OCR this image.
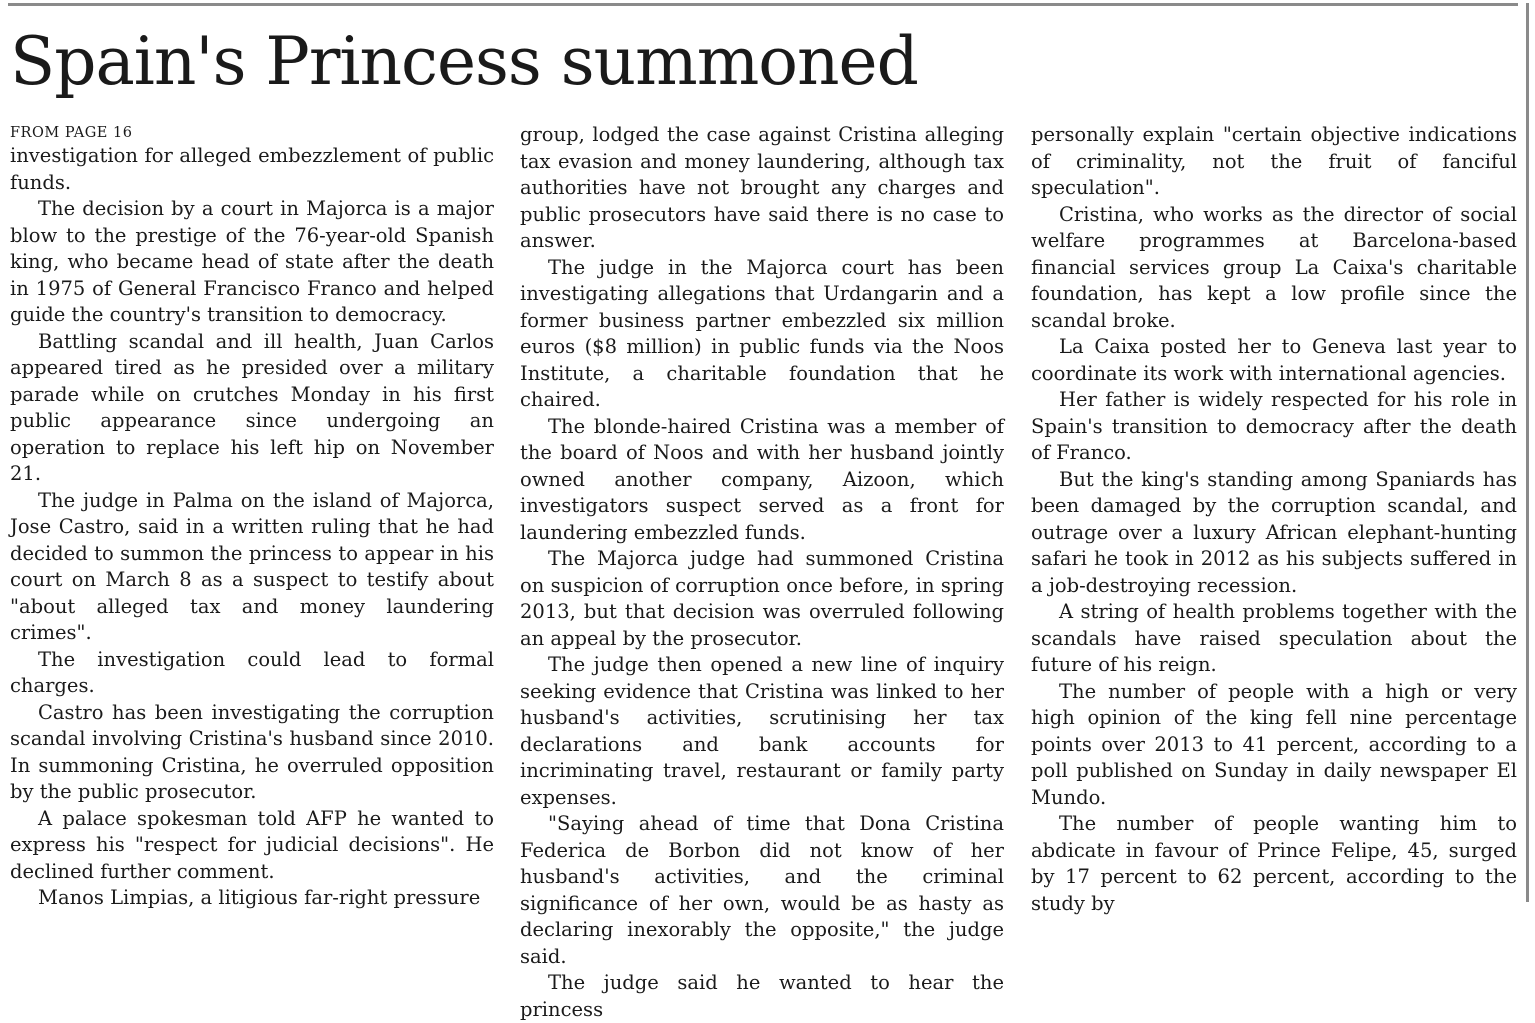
Spain's Princess summoned
FROM PAGE 16

investigation for alleged embezzlement of public funds.

The decision by a court in Majorca is a major blow to the prestige of the 76-year-old Spanish king, who became head of state after the death in 1975 of General Francisco Franco and helped guide the country's transition to democracy.

Battling scandal and ill health, Juan Carlos appeared tired as he presided over a military parade while on crutches Monday in his first public appearance since undergoing an operation to replace his left hip on November 21.

The judge in Palma on the island of Majorca, Jose Castro, said in a written ruling that he had decided to summon the princess to appear in his court on March 8 as a suspect to testify about "about alleged tax and money laundering crimes".

The investigation could lead to formal charges.

Castro has been investigating the corruption scandal involving Cristina's husband since 2010. In summoning Cristina, he overruled opposition by the public prosecutor.

A palace spokesman told AFP he wanted to express his "respect for judicial decisions". He declined further comment.

Manos Limpias, a litigious far-right pressure

group, lodged the case against Cristina alleging tax evasion and money laundering, although tax authorities have not brought any charges and public prosecutors have said there is no case to answer.

The judge in the Majorca court has been investigating allegations that Urdangarin and a former business partner embezzled six million euros ($8 million) in public funds via the Noos Institute, a charitable foundation that he chaired.

The blonde-haired Cristina was a member of the board of Noos and with her husband jointly owned another company, Aizoon, which investigators suspect served as a front for laundering embezzled funds.

The Majorca judge had summoned Cristina on suspicion of corruption once before, in spring 2013, but that decision was overruled following an appeal by the prosecutor.

The judge then opened a new line of inquiry seeking evidence that Cristina was linked to her husband's activities, scrutinising her tax declarations and bank accounts for incriminating travel, restaurant or family party expenses.

"Saying ahead of time that Dona Cristina Federica de Borbon did not know of her husband's activities, and the criminal significance of her own, would be as hasty as declaring inexorably the opposite," the judge said.

The judge said he wanted to hear the princess

personally explain "certain objective indications of criminality, not the fruit of fanciful speculation".

Cristina, who works as the director of social welfare programmes at Barcelona-based financial services group La Caixa's charitable foundation, has kept a low profile since the scandal broke.

La Caixa posted her to Geneva last year to coordinate its work with international agencies.

Her father is widely respected for his role in Spain's transition to democracy after the death of Franco.

But the king's standing among Spaniards has been damaged by the corruption scandal, and outrage over a luxury African elephant-hunting safari he took in 2012 as his subjects suffered in a job-destroying recession.

A string of health problems together with the scandals have raised speculation about the future of his reign.

The number of people with a high or very high opinion of the king fell nine percentage points over 2013 to 41 percent, according to a poll published on Sunday in daily newspaper El Mundo.

The number of people wanting him to abdicate in favour of Prince Felipe, 45, surged by 17 percent to 62 percent, according to the study by
